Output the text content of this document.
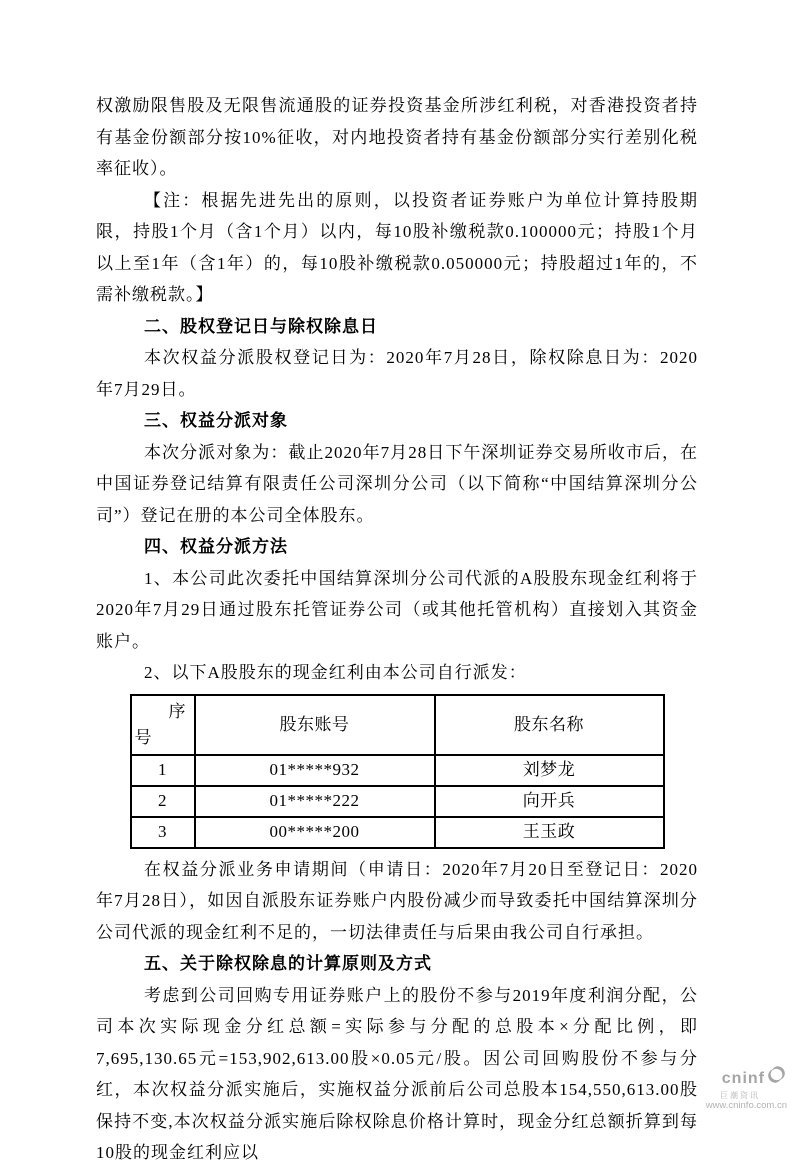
权激励限售股及无限售流通股的证券投资基金所涉红利税，对香港投资者持有基金份额部分按10%征收，对内地投资者持有基金份额部分实行差别化税率征收）。

【注：根据先进先出的原则，以投资者证券账户为单位计算持股期限，持股1个月（含1个月）以内，每10股补缴税款0.100000元；持股1个月以上至1年（含1年）的，每10股补缴税款0.050000元；持股超过1年的，不需补缴税款。】

二、股权登记日与除权除息日

本次权益分派股权登记日为：2020年7月28日，除权除息日为：2020年7月29日。

三、权益分派对象

本次分派对象为：截止2020年7月28日下午深圳证券交易所收市后，在中国证券登记结算有限责任公司深圳分公司（以下简称“中国结算深圳分公司”）登记在册的本公司全体股东。

四、权益分派方法

1、本公司此次委托中国结算深圳分公司代派的A股股东现金红利将于2020年7月29日通过股东托管证券公司（或其他托管机构）直接划入其资金账户。

2、以下A股股东的现金红利由本公司自行派发：

序号	股东账号	股东名称
1	01*****932	刘梦龙
2	01*****222	向开兵
3	00*****200	王玉政

在权益分派业务申请期间（申请日：2020年7月20日至登记日：2020年7月28日），如因自派股东证券账户内股份减少而导致委托中国结算深圳分公司代派的现金红利不足的，一切法律责任与后果由我公司自行承担。

五、关于除权除息的计算原则及方式

考虑到公司回购专用证券账户上的股份不参与2019年度利润分配，公司本次实际现金分红总额=实际参与分配的总股本×分配比例，即7,695,130.65元=153,902,613.00股×0.05元/股。因公司回购股份不参与分红，本次权益分派实施后，实施权益分派前后公司总股本154,550,613.00股保持不变,本次权益分派实施后除权除息价格计算时，现金分红总额折算到每10股的现金红利应以

cninf
巨潮资讯
www.cninfo.com.cn
